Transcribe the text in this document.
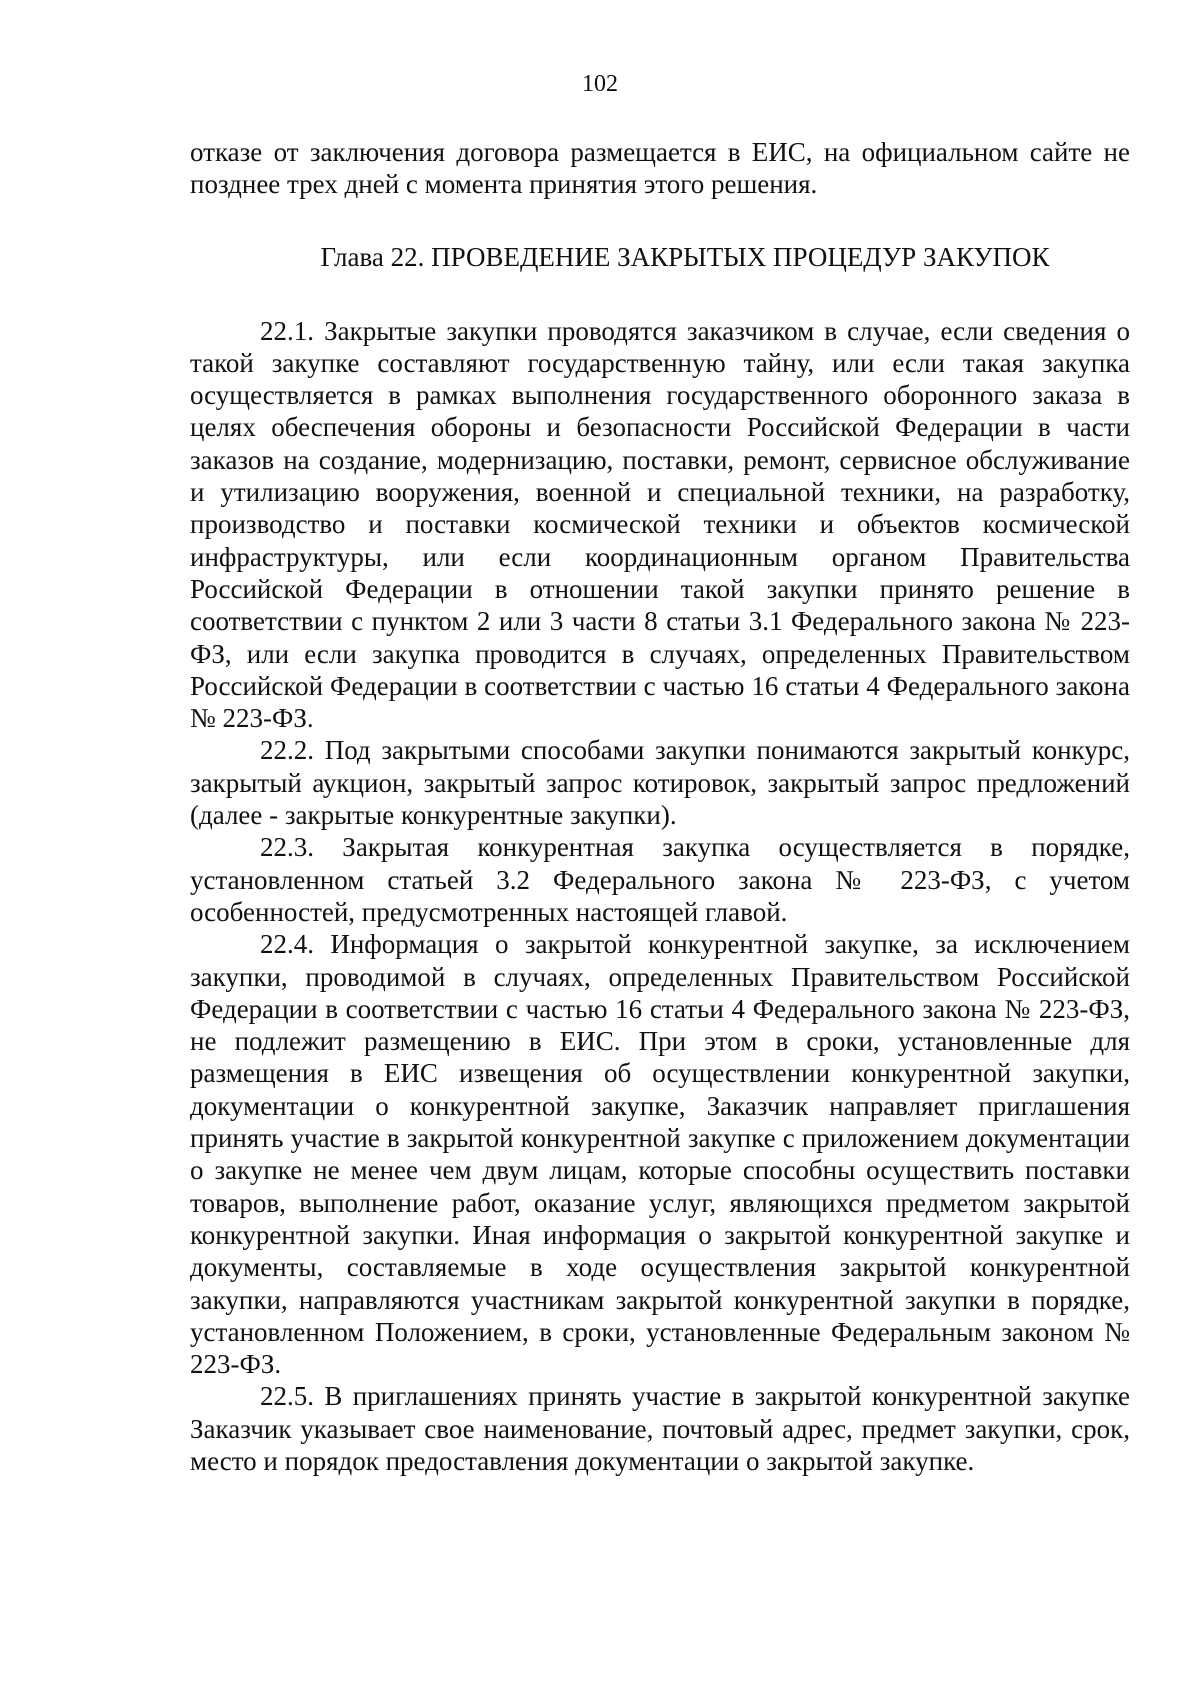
102

отказе от заключения договора размещается в ЕИС, на официальном сайте не позднее трех дней с момента принятия этого решения.

Глава 22. ПРОВЕДЕНИЕ ЗАКРЫТЫХ ПРОЦЕДУР ЗАКУПОК

22.1. Закрытые закупки проводятся заказчиком в случае, если сведения о такой закупке составляют государственную тайну, или если такая закупка осуществляется в рамках выполнения государственного оборонного заказа в целях обеспечения обороны и безопасности Российской Федерации в части заказов на создание, модернизацию, поставки, ремонт, сервисное обслуживание и утилизацию вооружения, военной и специальной техники, на разработку, производство и поставки космической техники и объектов космической инфраструктуры, или если координационным органом Правительства Российской Федерации в отношении такой закупки принято решение в соответствии с пунктом 2 или 3 части 8 статьи 3.1 Федерального закона № 223-ФЗ, или если закупка проводится в случаях, определенных Правительством Российской Федерации в соответствии с частью 16 статьи 4 Федерального закона № 223-ФЗ.

22.2. Под закрытыми способами закупки понимаются закрытый конкурс, закрытый аукцион, закрытый запрос котировок, закрытый запрос предложений (далее - закрытые конкурентные закупки).

22.3. Закрытая конкурентная закупка осуществляется в порядке, установленном статьей 3.2 Федерального закона № 223-ФЗ, с учетом особенностей, предусмотренных настоящей главой.

22.4. Информация о закрытой конкурентной закупке, за исключением закупки, проводимой в случаях, определенных Правительством Российской Федерации в соответствии с частью 16 статьи 4 Федерального закона № 223-ФЗ, не подлежит размещению в ЕИС. При этом в сроки, установленные для размещения в ЕИС извещения об осуществлении конкурентной закупки, документации о конкурентной закупке, Заказчик направляет приглашения принять участие в закрытой конкурентной закупке с приложением документации о закупке не менее чем двум лицам, которые способны осуществить поставки товаров, выполнение работ, оказание услуг, являющихся предметом закрытой конкурентной закупки. Иная информация о закрытой конкурентной закупке и документы, составляемые в ходе осуществления закрытой конкурентной закупки, направляются участникам закрытой конкурентной закупки в порядке, установленном Положением, в сроки, установленные Федеральным законом № 223-ФЗ.

22.5. В приглашениях принять участие в закрытой конкурентной закупке Заказчик указывает свое наименование, почтовый адрес, предмет закупки, срок, место и порядок предоставления документации о закрытой закупке.
